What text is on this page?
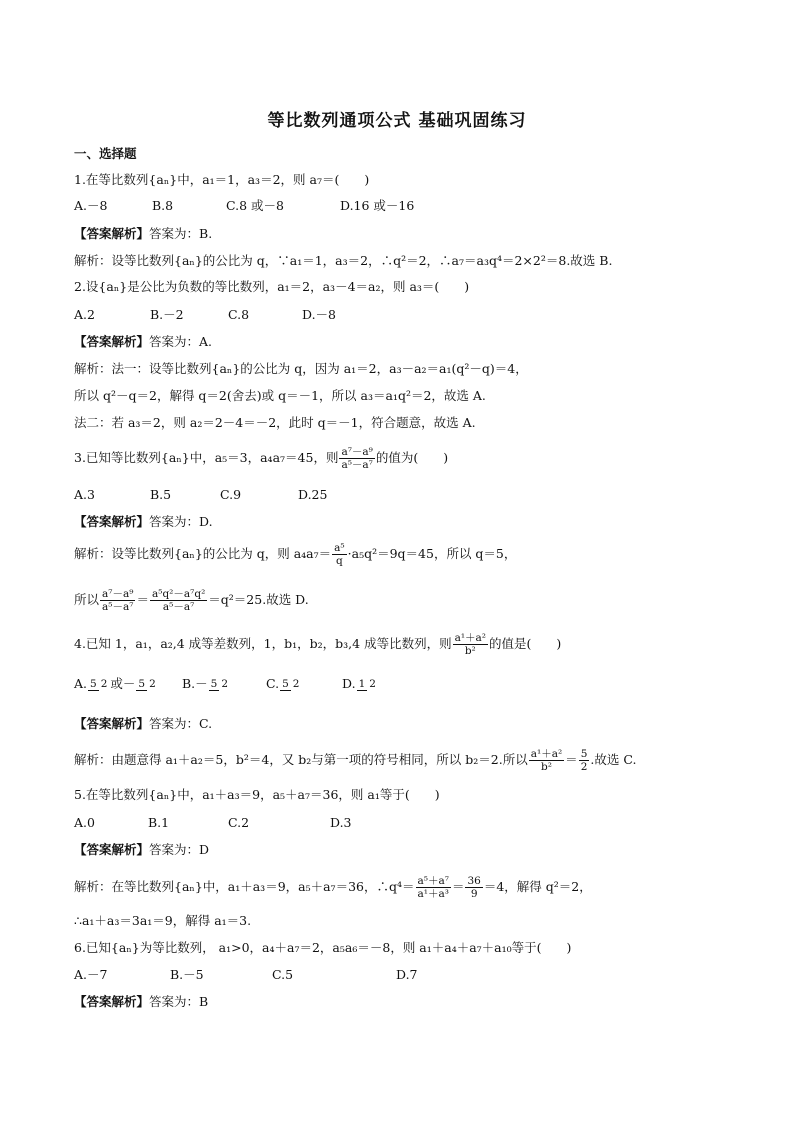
等比数列通项公式 基础巩固练习
一、选择题
1.在等比数列{aₙ}中，a₁＝1，a₃＝2，则 a₇＝(　　)
A.－8	B.8	C.8 或－8	D.16 或－16
【答案解析】答案为：B.
解析：设等比数列{aₙ}的公比为 q，∵a₁＝1，a₃＝2，∴q²＝2，∴a₇＝a₃q⁴＝2×2²＝8.故选 B.
2.设{aₙ}是公比为负数的等比数列，a₁＝2，a₃－4＝a₂，则 a₃＝(　　)
A.2	B.－2	C.8	D.－8
【答案解析】答案为：A.
解析：法一：设等比数列{aₙ}的公比为 q，因为 a₁＝2，a₃－a₂＝a₁(q²－q)＝4，
所以 q²－q＝2，解得 q＝2(舍去)或 q＝－1，所以 a₃＝a₁q²＝2，故选 A.
法二：若 a₃＝2，则 a₂＝2－4＝－2，此时 q＝－1，符合题意，故选 A.
3.已知等比数列{aₙ}中，a₅＝3，a₄a₇＝45，则 $\frac{\text{a⁷－a⁹}}{\text{a⁵－a⁷}}$ 的值为(　　)
A.3	B.5	C.9	D.25
【答案解析】答案为：D.
解析：设等比数列{aₙ}的公比为 q，则 $a_4a_7= \frac{\text{a⁵}}{q} \cdot a_5q^2=9q=45$，所以 q＝5，
所以 $\frac{\text{a⁷－a⁹}}{\text{a⁵－a⁷}} = \frac{\text{a⁵q²－a⁷q²}}{\text{a⁵－a⁷}} =q^2=25$.故选 D.
4.已知 1，a₁，a₂,4 成等差数列，1，b₁，b₂，b₃,4 成等比数列，则 $\frac{\text{a¹＋a²}}{\text{b²}}$ 的值是(　　)
A. 5 2 或－ 5 2 B.－ 5 2	C. 5 2	D. 1 2
【答案解析】答案为：C.
解析：由题意得 a₁＋a₂＝5，b²＝4，又 b₂与第一项的符号相同，所以 b₂＝2.所以 $\frac{\text{a¹＋a²}}{\text{b²}} = \frac{5}{2}$ .故选 C.
5.在等比数列{aₙ}中，a₁＋a₃＝9，a₅＋a₇＝36，则 a₁等于(　　)
A.0	B.1	C.2	D.3
【答案解析】答案为：D
解析：在等比数列{aₙ}中，a₁＋a₃＝9，a₅＋a₇＝36，∴q⁴＝ $\frac{\text{a⁵＋a⁷}}{\text{a¹＋a³}} = \frac{36}{9} =4$，解得 q²＝2，
∴a₁＋a₃＝3a₁＝9，解得 a₁＝3.
6.已知{aₙ}为等比数列， a₁>0，a₄＋a₇＝2，a₅a₆＝－8，则 a₁＋a₄＋a₇＋a₁₀等于(　　)
A.－7	B.－5	C.5	D.7
【答案解析】答案为：B
